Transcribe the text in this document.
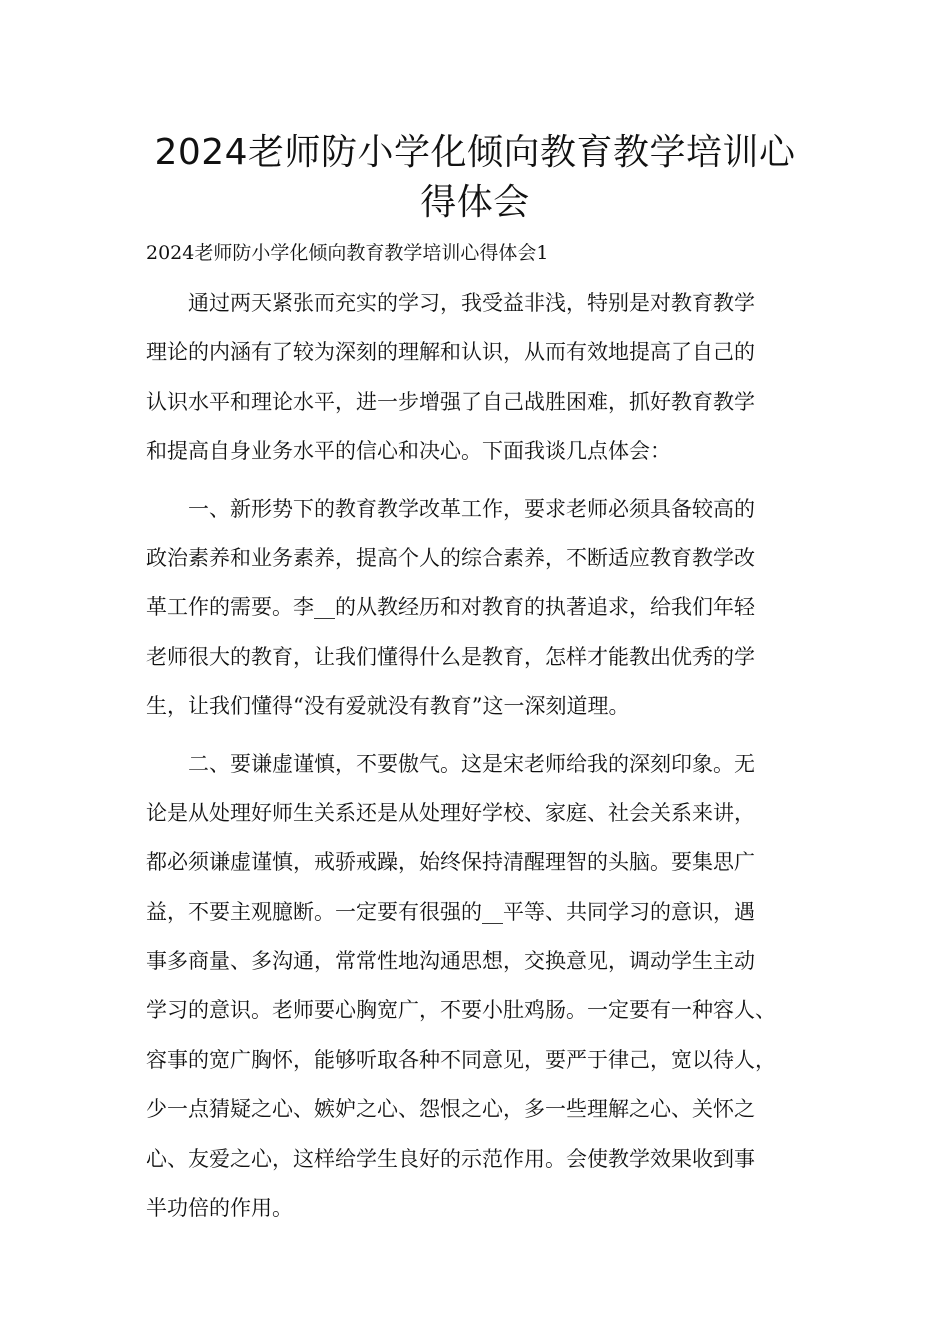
2024老师防小学化倾向教育教学培训心
得体会

2024老师防小学化倾向教育教学培训心得体会1

通过两天紧张而充实的学习，我受益非浅，特别是对教育教学
理论的内涵有了较为深刻的理解和认识，从而有效地提高了自己的
认识水平和理论水平，进一步增强了自己战胜困难，抓好教育教学
和提高自身业务水平的信心和决心。下面我谈几点体会：

一、新形势下的教育教学改革工作，要求老师必须具备较高的
政治素养和业务素养，提高个人的综合素养，不断适应教育教学改
革工作的需要。李__的从教经历和对教育的执著追求，给我们年轻
老师很大的教育，让我们懂得什么是教育，怎样才能教出优秀的学
生，让我们懂得“没有爱就没有教育”这一深刻道理。

二、要谦虚谨慎，不要傲气。这是宋老师给我的深刻印象。无
论是从处理好师生关系还是从处理好学校、家庭、社会关系来讲，
都必须谦虚谨慎，戒骄戒躁，始终保持清醒理智的头脑。要集思广
益，不要主观臆断。一定要有很强的__平等、共同学习的意识，遇
事多商量、多沟通，常常性地沟通思想，交换意见，调动学生主动
学习的意识。老师要心胸宽广，不要小肚鸡肠。一定要有一种容人、
容事的宽广胸怀，能够听取各种不同意见，要严于律己，宽以待人，
少一点猜疑之心、嫉妒之心、怨恨之心，多一些理解之心、关怀之
心、友爱之心，这样给学生良好的示范作用。会使教学效果收到事
半功倍的作用。
